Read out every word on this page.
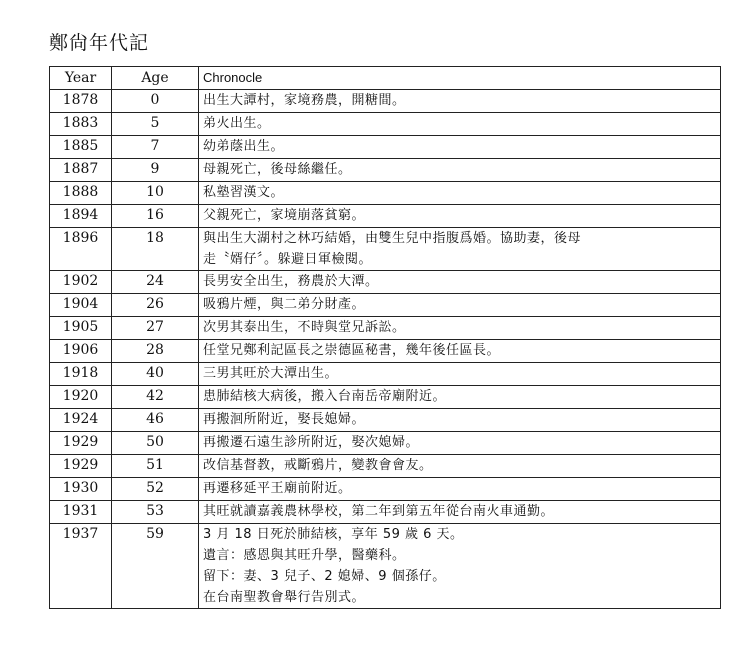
鄭尙年代記
Year	Age	Chronocle
1878	0	出生大譚村，家境務農，開糖間。

1883	5	弟火出生。

1885	7	幼弟蔭出生。

1887	9	母親死亡，後母絲繼任。

1888	10	私塾習漢文。

1894	16	父親死亡，家境崩落貧窮。

1896	18	與出生大湖村之林巧結婚，由雙生兒中指腹爲婚。協助妻，後母
走〝婿仔〞。躲避日軍檢閱。

1902	24	長男安全出生，務農於大潭。

1904	26	吸鴉片煙，與二弟分財產。

1905	27	次男其泰出生，不時與堂兄訴訟。

1906	28	任堂兄鄭利記區長之崇德區秘書，幾年後任區長。

1918	40	三男其旺於大潭出生。

1920	42	患肺結核大病後，搬入台南岳帝廟附近。

1924	46	再搬洄所附近，娶長媳婦。

1929	50	再搬遷石遠生診所附近，娶次媳婦。

1929	51	改信基督教，戒斷鴉片，變教會會友。

1930	52	再遷移延平王廟前附近。

1931	53	其旺就讀嘉義農林學校，第二年到第五年從台南火車通勤。

1937	59	3 月 18 日死於肺結核，享年 59 歲 6 天。
遺言：感恩與其旺升學，醫藥科。
留下：妻、3 兒子、2 媳婦、9 個孫仔。
在台南聖教會舉行告別式。
